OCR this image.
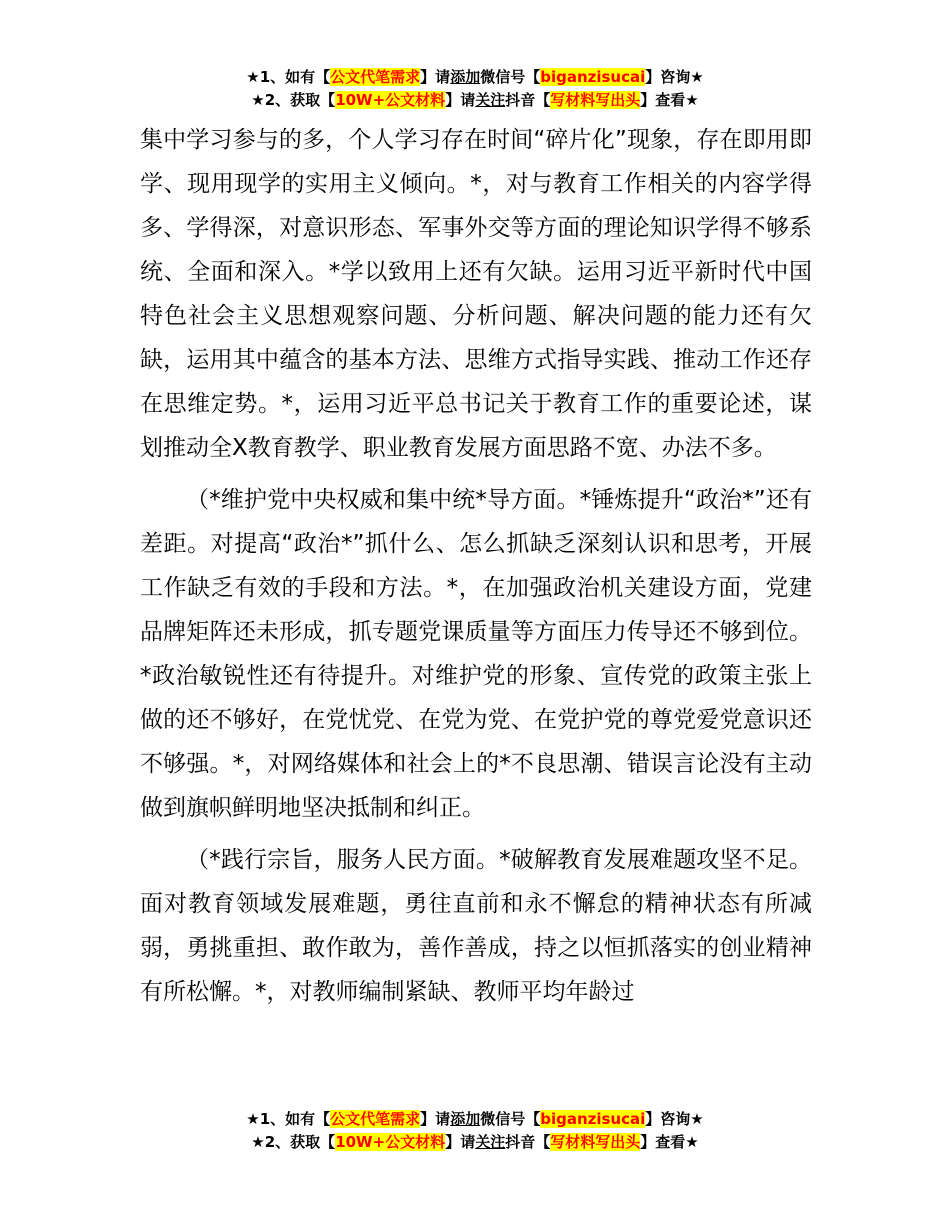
★1、如有【公文代笔需求】请添加微信号【biganzisucai】咨询★
★2、获取【10W+公文材料】请关注抖音【写材料写出头】查看★

集中学习参与的多，个人学习存在时间“碎片化”现象，存在即用即学、现用现学的实用主义倾向。*，对与教育工作相关的内容学得多、学得深，对意识形态、军事外交等方面的理论知识学得不够系统、全面和深入。*学以致用上还有欠缺。运用习近平新时代中国特色社会主义思想观察问题、分析问题、解决问题的能力还有欠缺，运用其中蕴含的基本方法、思维方式指导实践、推动工作还存在思维定势。*，运用习近平总书记关于教育工作的重要论述，谋划推动全X教育教学、职业教育发展方面思路不宽、办法不多。

（*维护党中央权威和集中统*导方面。*锤炼提升“政治*”还有差距。对提高“政治*”抓什么、怎么抓缺乏深刻认识和思考，开展工作缺乏有效的手段和方法。*，在加强政治机关建设方面，党建品牌矩阵还未形成，抓专题党课质量等方面压力传导还不够到位。*政治敏锐性还有待提升。对维护党的形象、宣传党的政策主张上做的还不够好，在党忧党、在党为党、在党护党的尊党爱党意识还不够强。*，对网络媒体和社会上的*不良思潮、错误言论没有主动做到旗帜鲜明地坚决抵制和纠正。

（*践行宗旨，服务人民方面。*破解教育发展难题攻坚不足。面对教育领域发展难题，勇往直前和永不懈怠的精神状态有所减弱，勇挑重担、敢作敢为，善作善成，持之以恒抓落实的创业精神有所松懈。*，对教师编制紧缺、教师平均年龄过

★1、如有【公文代笔需求】请添加微信号【biganzisucai】咨询★
★2、获取【10W+公文材料】请关注抖音【写材料写出头】查看★
